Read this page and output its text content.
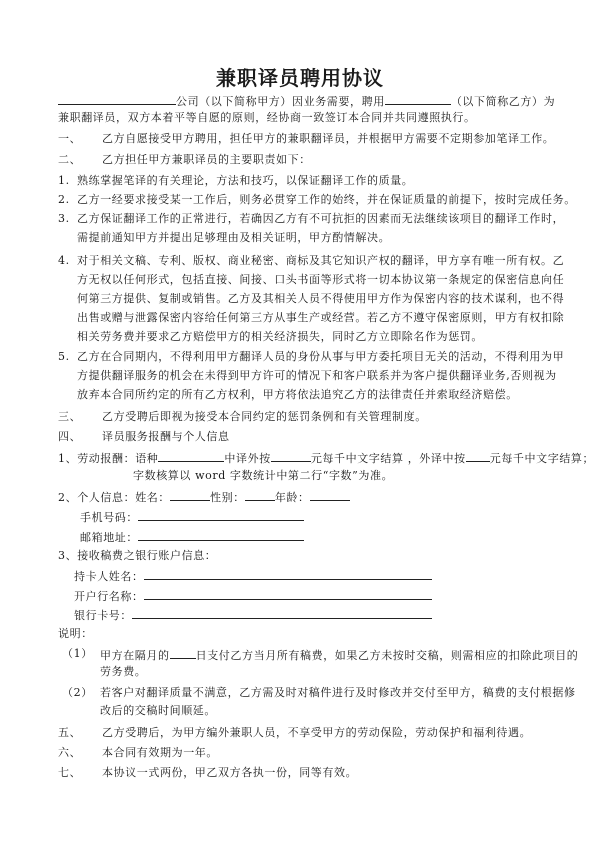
兼职译员聘用协议
公司（以下简称甲方）因业务需要，聘用	（以下简称乙方）为
兼职翻译员，双方本着平等自愿的原则，经协商一致签订本合同并共同遵照执行。
一、 乙方自愿接受甲方聘用，担任甲方的兼职翻译员，并根据甲方需要不定期参加笔译工作。
二、 乙方担任甲方兼职译员的主要职责如下：
1. 熟练掌握笔译的有关理论，方法和技巧，以保证翻译工作的质量。
2. 乙方一经要求接受某一工作后，则务必贯穿工作的始终，并在保证质量的前提下，按时完成任务。
3. 乙方保证翻译工作的正常进行，若确因乙方有不可抗拒的因素而无法继续该项目的翻译工作时，
需提前通知甲方并提出足够理由及相关证明，甲方酌情解决。
4. 对于相关文稿、专利、版权、商业秘密、商标及其它知识产权的翻译，甲方享有唯一所有权。乙
方无权以任何形式，包括直接、间接、口头书面等形式将一切本协议第一条规定的保密信息向任
何第三方提供、复制或销售。乙方及其相关人员不得使用甲方作为保密内容的技术谋利，也不得
出售或赠与泄露保密内容给任何第三方从事生产或经营。若乙方不遵守保密原则，甲方有权扣除
相关劳务费并要求乙方赔偿甲方的相关经济损失，同时乙方立即除名作为惩罚。
5. 乙方在合同期内，不得利用甲方翻译人员的身份从事与甲方委托项目无关的活动，不得利用为甲
方提供翻译服务的机会在未得到甲方许可的情况下和客户联系并为客户提供翻译业务,否则视为
放弃本合同所约定的所有乙方权利，甲方将依法追究乙方的法律责任并索取经济赔偿。
三、 乙方受聘后即视为接受本合同约定的惩罚条例和有关管理制度。
四、 译员服务报酬与个人信息
1、劳动报酬：语种	中译外按	元每千中文字结算 ，外译中按 元每千中文字结算；
字数核算以 word 字数统计中第二行“字数”为准。
2、个人信息：姓名：	性别：	年龄：
手机号码：
邮箱地址：
3、接收稿费之银行账户信息：
持卡人姓名：
开户行名称：
银行卡号：
说明：
（1） 甲方在隔月的 日支付乙方当月所有稿费，如果乙方未按时交稿，则需相应的扣除此项目的
劳务费。
（2） 若客户对翻译质量不满意，乙方需及时对稿件进行及时修改并交付至甲方，稿费的支付根据修
改后的交稿时间顺延。
五、 乙方受聘后，为甲方编外兼职人员，不享受甲方的劳动保险，劳动保护和福利待遇。
六、 本合同有效期为一年。
七、 本协议一式两份，甲乙双方各执一份，同等有效。
